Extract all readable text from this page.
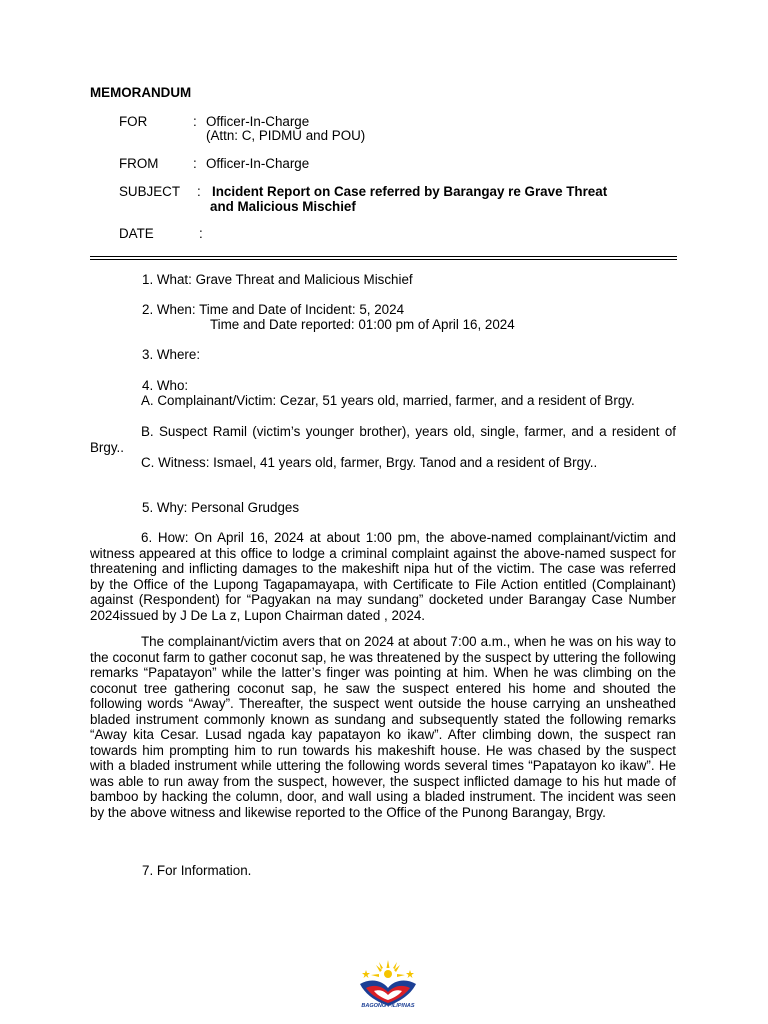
MEMORANDUM
FOR	: Officer-In-Charge
(Attn: C, PIDMU and POU)
FROM	: Officer-In-Charge
SUBJECT : Incident Report on Case referred by Barangay re Grave Threat
and Malicious Mischief
DATE	:
1. What: Grave Threat and Malicious Mischief
2. When: Time and Date of Incident: 5, 2024
Time and Date reported: 01:00 pm of April 16, 2024
3. Where:
4. Who:
A. Complainant/Victim: Cezar, 51 years old, married, farmer, and a resident of Brgy.
B. Suspect Ramil (victim’s younger brother), years old, single, farmer, and a resident of Brgy..
C. Witness: Ismael, 41 years old, farmer, Brgy. Tanod and a resident of Brgy..
5. Why: Personal Grudges
6. How: On April 16, 2024 at about 1:00 pm, the above-named complainant/victim and witness appeared at this office to lodge a criminal complaint against the above-named suspect for threatening and inflicting damages to the makeshift nipa hut of the victim. The case was referred by the Office of the Lupong Tagapamayapa, with Certificate to File Action entitled (Complainant) against (Respondent) for “Pagyakan na may sundang” docketed under Barangay Case Number 2024issued by J De La z, Lupon Chairman dated , 2024.
The complainant/victim avers that on 2024 at about 7:00 a.m., when he was on his way to the coconut farm to gather coconut sap, he was threatened by the suspect by uttering the following remarks “Papatayon” while the latter’s finger was pointing at him. When he was climbing on the coconut tree gathering coconut sap, he saw the suspect entered his home and shouted the following words “Away”. Thereafter, the suspect went outside the house carrying an unsheathed bladed instrument commonly known as sundang and subsequently stated the following remarks “Away kita Cesar. Lusad ngada kay papatayon ko ikaw”. After climbing down, the suspect ran towards him prompting him to run towards his makeshift house. He was chased by the suspect with a bladed instrument while uttering the following words several times “Papatayon ko ikaw”. He was able to run away from the suspect, however, the suspect inflicted damage to his hut made of bamboo by hacking the column, door, and wall using a bladed instrument. The incident was seen by the above witness and likewise reported to the Office of the Punong Barangay, Brgy.
7. For Information.
BAGONG PILIPINAS
